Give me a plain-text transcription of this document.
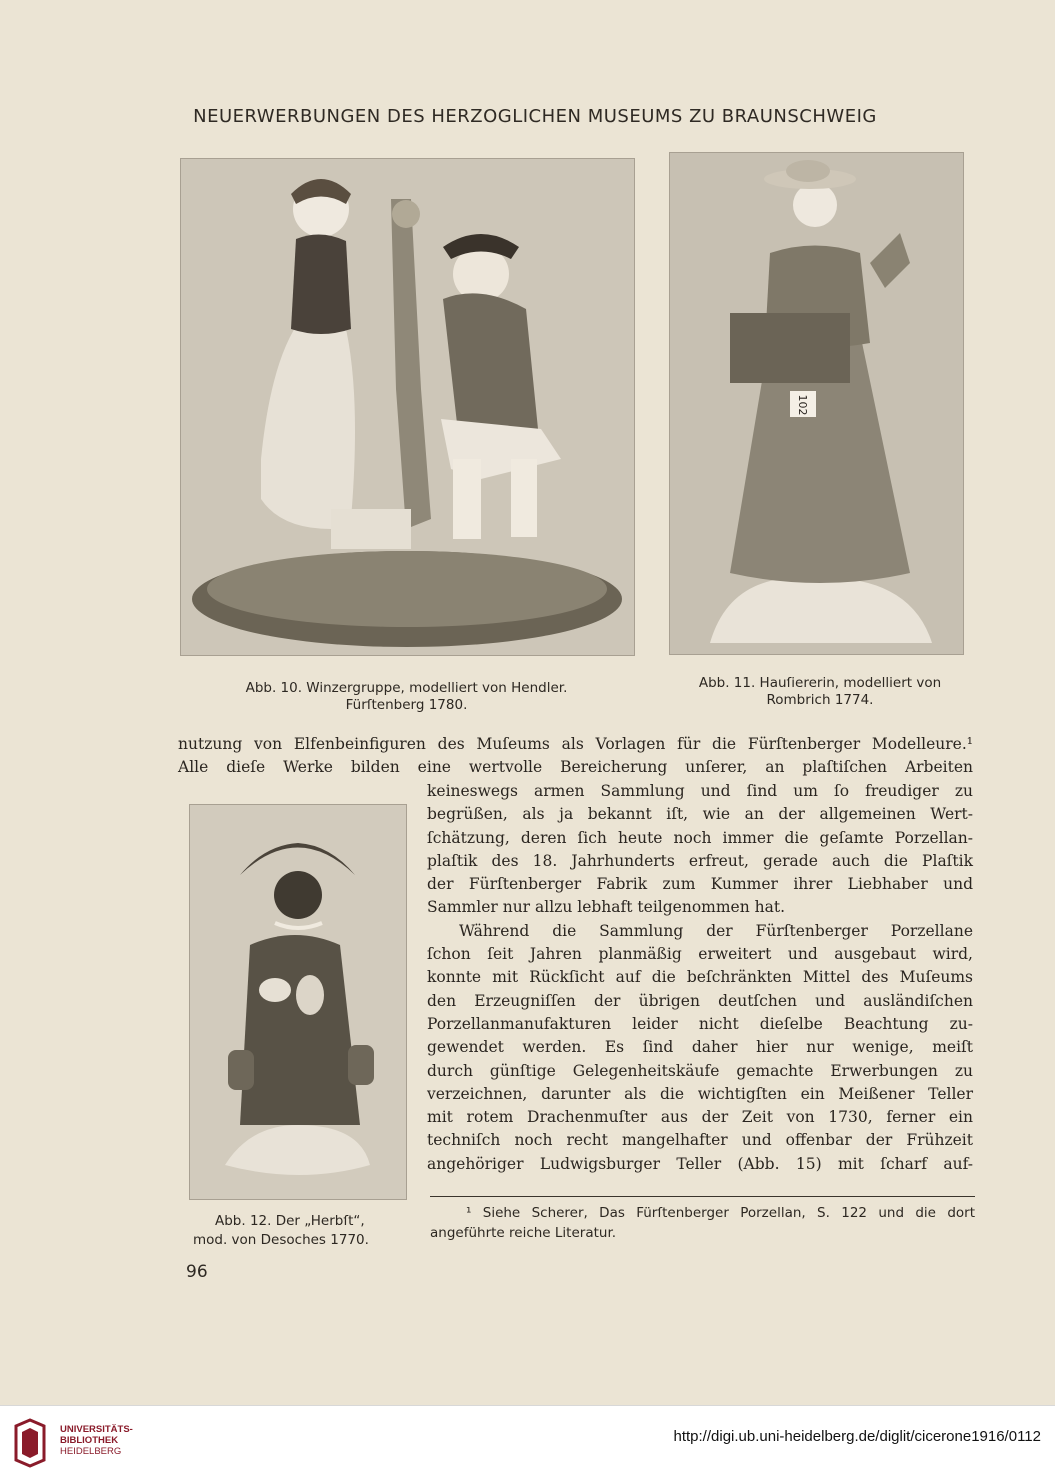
NEUERWERBUNGEN DES HERZOGLICHEN MUSEUMS ZU BRAUNSCHWEIG
Abb. 10. Winzergruppe, modelliert von Hendler.
Fürſtenberg 1780.
102
Abb. 11. Hauſiererin, modelliert von
Rombrich 1774.
nutzung von Elfenbeinfiguren des Muſeums als Vorlagen für die Fürſtenberger Modelleure.¹
Alle dieſe Werke bilden eine wertvolle Bereicherung unſerer, an plaſtiſchen Arbeiten
Abb. 12. Der „Herbſt“,
mod. von Desoches 1770.
keineswegs armen Sammlung und ſind um ſo freudiger zu
begrüßen, als ja bekannt iſt, wie an der allgemeinen Wert-
ſchätzung, deren ſich heute noch immer die geſamte Porzellan-
plaſtik des 18. Jahrhunderts erfreut, gerade auch die Plaſtik
der Fürſtenberger Fabrik zum Kummer ihrer Liebhaber und
Sammler nur allzu lebhaft teilgenommen hat.
Während die Sammlung der Fürſtenberger Porzellane
ſchon ſeit Jahren planmäßig erweitert und ausgebaut wird,
konnte mit Rückſicht auf die beſchränkten Mittel des Muſeums
den Erzeugniſſen der übrigen deutſchen und ausländiſchen
Porzellanmanufakturen leider nicht dieſelbe Beachtung zu-
gewendet werden. Es ſind daher hier nur wenige, meiſt
durch günſtige Gelegenheitskäufe gemachte Erwerbungen zu
verzeichnen, darunter als die wichtigſten ein Meißener Teller
mit rotem Drachenmuſter aus der Zeit von 1730, ferner ein
techniſch noch recht mangelhafter und offenbar der Frühzeit
angehöriger Ludwigsburger Teller (Abb. 15) mit ſcharf auf-
¹ Siehe Scherer, Das Fürſtenberger Porzellan, S. 122 und die dort
angeführte reiche Literatur.
96
UNIVERSITÄTS-
BIBLIOTHEK
HEIDELBERG
http://digi.ub.uni-heidelberg.de/diglit/cicerone1916/0112
